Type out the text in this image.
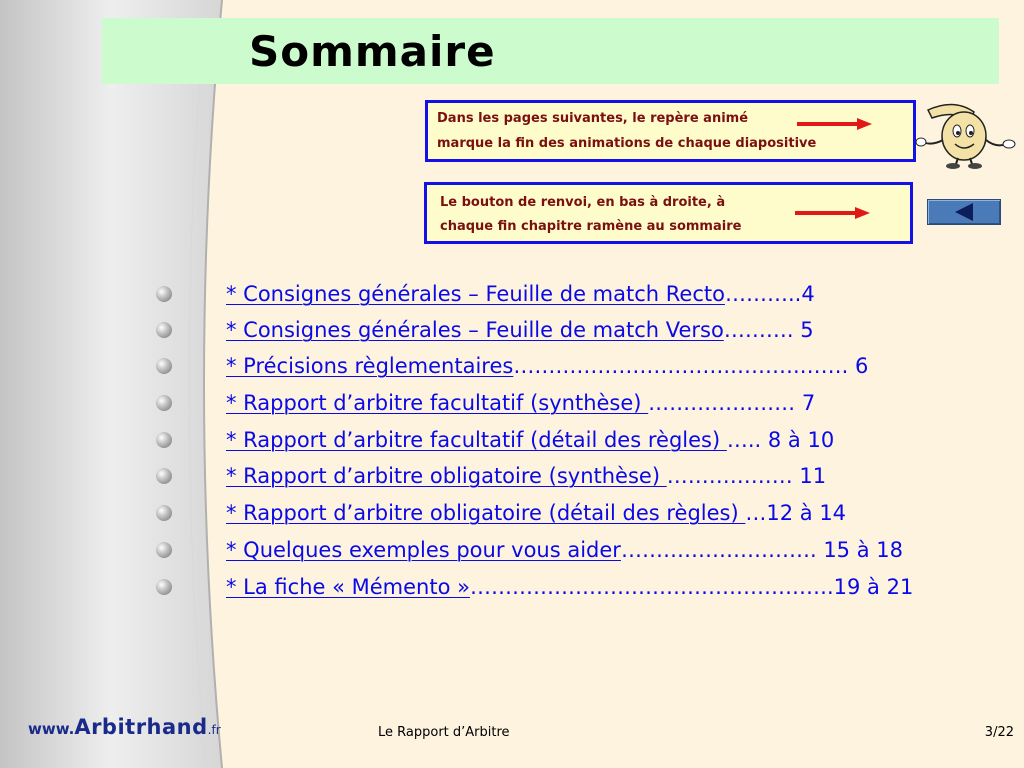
Sommaire
Dans les pages suivantes, le repère animé
marque la fin des animations de chaque diapositive
Le bouton de renvoi, en bas à droite, à
chaque fin chapitre ramène au sommaire
* Consignes générales – Feuille de match Recto………..4
* Consignes générales – Feuille de match Verso………. 5
* Précisions règlementaires………………………….……….……. 6
* Rapport d’arbitre facultatif (synthèse) ………………… 7
* Rapport d’arbitre facultatif (détail des règles) ….. 8 à 10
* Rapport d’arbitre obligatoire (synthèse) ……………… 11
* Rapport d’arbitre obligatoire (détail des règles) …12 à 14
* Quelques exemples pour vous aider………………………. 15 à 18
* La fiche « Mémento »…………………………………………….19 à 21
www.Arbitrhand.fr	Le Rapport d’Arbitre	3/22
